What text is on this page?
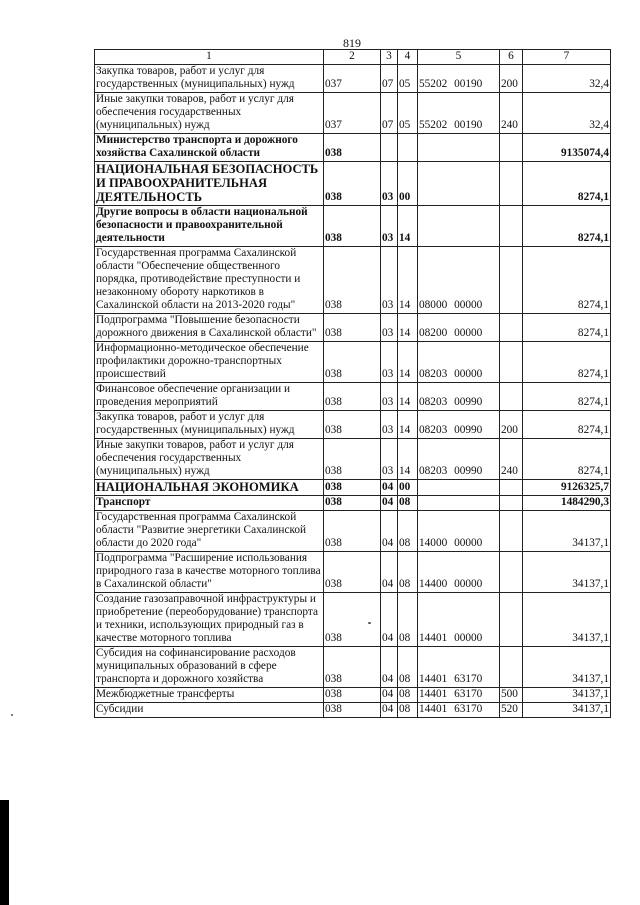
819
1	2	3	4	5	6	7
Закупка товаров, работ и услуг для государственных (муниципальных) нужд	037	07	05	55202 00190	200	32,4
Иные закупки товаров, работ и услуг для обеспечения государственных (муниципальных) нужд	037	07	05	55202 00190	240	32,4
Министерство транспорта и дорожного хозяйства Сахалинской области	038					9135074,4
НАЦИОНАЛЬНАЯ БЕЗОПАСНОСТЬ И ПРАВООХРАНИТЕЛЬНАЯ ДЕЯТЕЛЬНОСТЬ	038	03	00			8274,1
Другие вопросы в области национальной безопасности и правоохранительной деятельности	038	03	14			8274,1
Государственная программа Сахалинской области "Обеспечение общественного порядка, противодействие преступности и незаконному обороту наркотиков в Сахалинской области на 2013-2020 годы"	038	03	14	08000 00000		8274,1
Подпрограмма "Повышение безопасности дорожного движения в Сахалинской области"	038	03	14	08200 00000		8274,1
Информационно-методическое обеспечение профилактики дорожно-транспортных происшествий	038	03	14	08203 00000		8274,1
Финансовое обеспечение организации и проведения мероприятий	038	03	14	08203 00990		8274,1
Закупка товаров, работ и услуг для государственных (муниципальных) нужд	038	03	14	08203 00990	200	8274,1
Иные закупки товаров, работ и услуг для обеспечения государственных (муниципальных) нужд	038	03	14	08203 00990	240	8274,1
НАЦИОНАЛЬНАЯ ЭКОНОМИКА	038	04	00			9126325,7
Транспорт	038	04	08			1484290,3
Государственная программа Сахалинской области "Развитие энергетики Сахалинской области до 2020 года"	038	04	08	14000 00000		34137,1
Подпрограмма "Расширение использования природного газа в качестве моторного топлива в Сахалинской области"	038	04	08	14400 00000		34137,1
Создание газозаправочной инфраструктуры и приобретение (переоборудование) транспорта и техники, использующих природный газ в качестве моторного топлива	038	04	08	14401 00000		34137,1
Субсидия на софинансирование расходов муниципальных образований в сфере транспорта и дорожного хозяйства	038	04	08	14401 63170		34137,1
Межбюджетные трансферты	038	04	08	14401 63170	500	34137,1
Субсидии	038	04	08	14401 63170	520	34137,1
